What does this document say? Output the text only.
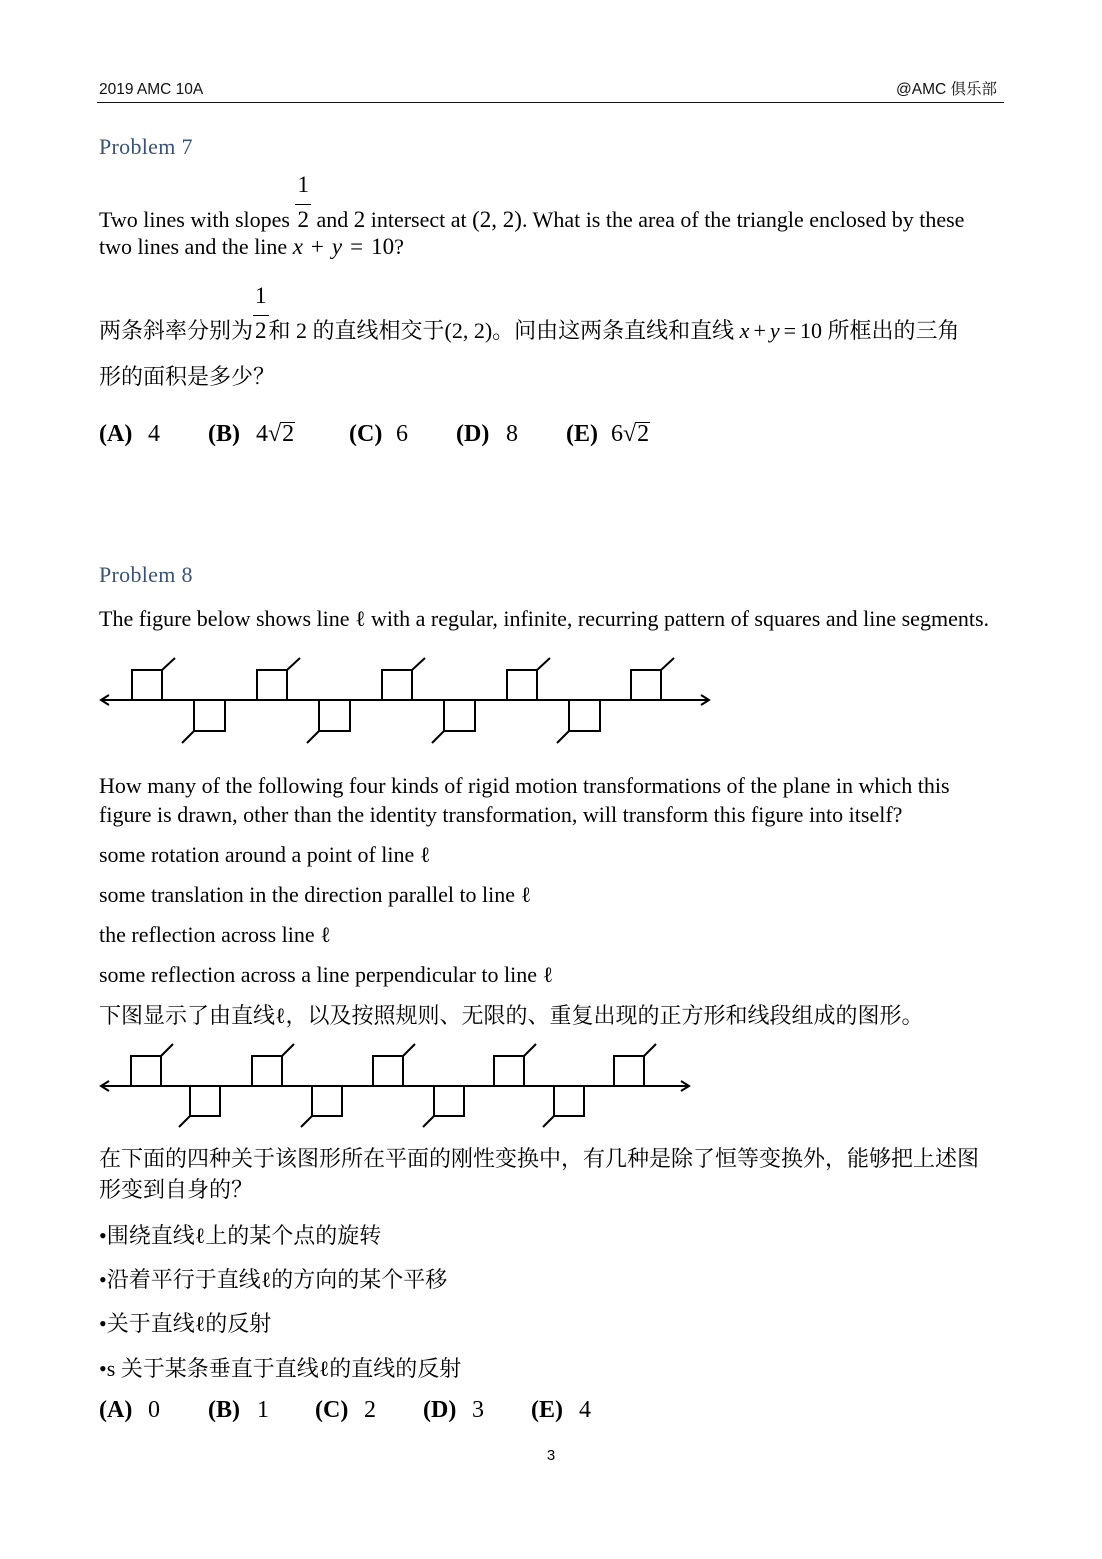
2019 AMC 10A	@AMC 俱乐部
Problem 7
Two lines with slopes $\frac{1}{2}$ and 2 intersect at (2, 2). What is the area of the triangle enclosed by these
two lines and the line x + y = 10?
两条斜率分别为 $\frac{1}{2}$和 2 的直线相交于(2, 2)。问由这两条直线和直线 x + y = 10 所框出的三角
形的面积是多少？
(A) 4 (B) 4√2 (C) 6 (D) 8 (E) 6√2
Problem 8
The figure below shows line ℓ with a regular, infinite, recurring pattern of squares and line segments.
How many of the following four kinds of rigid motion transformations of the plane in which this
figure is drawn, other than the identity transformation, will transform this figure into itself?
some rotation around a point of line ℓ
some translation in the direction parallel to line ℓ
the reflection across line ℓ
some reflection across a line perpendicular to line ℓ
下图显示了由直线ℓ，以及按照规则、无限的、重复出现的正方形和线段组成的图形。
在下面的四种关于该图形所在平面的刚性变换中，有几种是除了恒等变换外，能够把上述图
形变到自身的？
•围绕直线ℓ上的某个点的旋转
•沿着平行于直线ℓ的方向的某个平移
•关于直线ℓ的反射
•s 关于某条垂直于直线ℓ的直线的反射
(A) 0 (B) 1 (C) 2 (D) 3 (E) 4
3
